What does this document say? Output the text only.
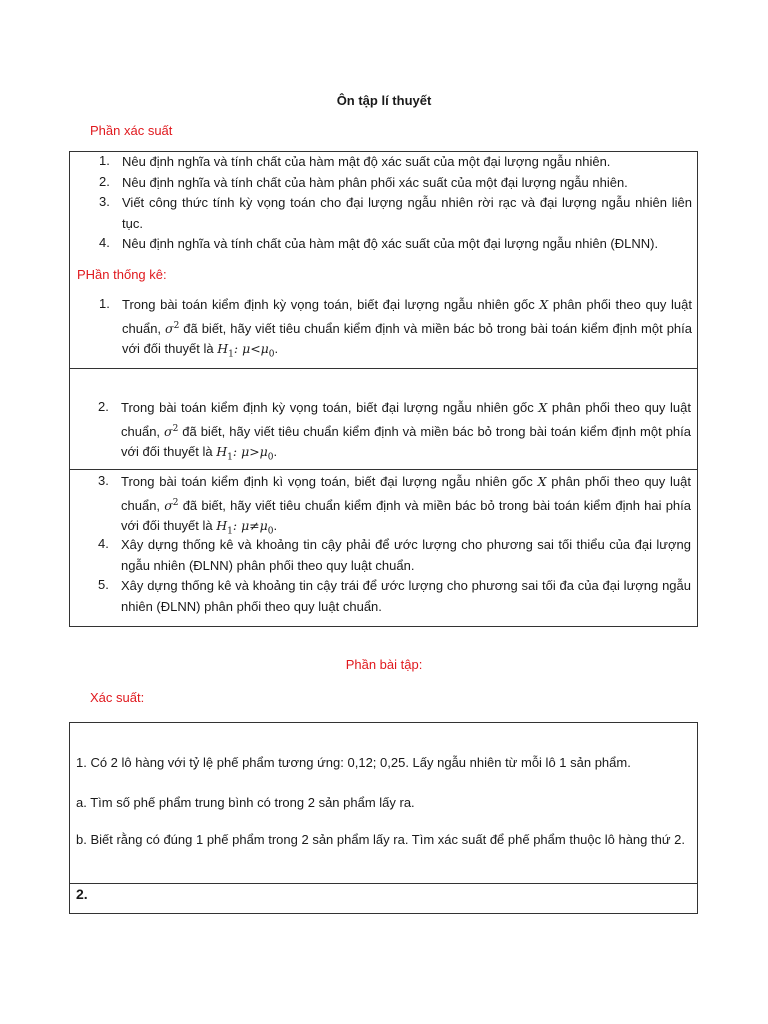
Ôn tập lí thuyết
Phần xác suất
1. Nêu định nghĩa và tính chất của hàm mật độ xác suất của một đại lượng ngẫu nhiên.
2. Nêu định nghĩa và tính chất của hàm phân phối xác suất của một đại lượng ngẫu nhiên.
3. Viết công thức tính kỳ vọng toán cho đại lượng ngẫu nhiên rời rạc và đại lượng ngẫu nhiên liên tục.
4. Nêu định nghĩa và tính chất của hàm mật độ xác suất của một đại lượng ngẫu nhiên (ĐLNN).
PHần thống kê:
1. Trong bài toán kiểm định kỳ vọng toán, biết đại lượng ngẫu nhiên gốc X phân phối theo quy luật chuẩn, $\sigma^2$ đã biết, hãy viết tiêu chuẩn kiểm định và miền bác bỏ trong bài toán kiểm định một phía với đối thuyết là $H_1$: $\mu<\mu_0$.
2. Trong bài toán kiểm định kỳ vọng toán, biết đại lượng ngẫu nhiên gốc X phân phối theo quy luật chuẩn, $\sigma^2$ đã biết, hãy viết tiêu chuẩn kiểm định và miền bác bỏ trong bài toán kiểm định một phía với đối thuyết là $H_1$: $\mu>\mu_0$.
3. Trong bài toán kiểm định kì vọng toán, biết đại lượng ngẫu nhiên gốc X phân phối theo quy luật chuẩn, $\sigma^2$ đã biết, hãy viết tiêu chuẩn kiểm định và miền bác bỏ trong bài toán kiểm định hai phía với đối thuyết là $H_1$: $\mu\ne\mu_0$.
4. Xây dựng thống kê và khoảng tin cậy phải để ước lượng cho phương sai tối thiểu của đại lượng ngẫu nhiên (ĐLNN) phân phối theo quy luật chuẩn.
5. Xây dựng thống kê và khoảng tin cậy trái để ước lượng cho phương sai tối đa của đại lượng ngẫu nhiên (ĐLNN) phân phối theo quy luật chuẩn.
Phần bài tập:
Xác suất:
1. Có 2 lô hàng với tỷ lệ phế phẩm tương ứng: 0,12; 0,25. Lấy ngẫu nhiên từ mỗi lô 1 sản phẩm.
a. Tìm số phế phẩm trung bình có trong 2 sản phẩm lấy ra.
b. Biết rằng có đúng 1 phế phẩm trong 2 sản phẩm lấy ra. Tìm xác suất để phế phẩm thuộc lô hàng thứ 2.
2.
